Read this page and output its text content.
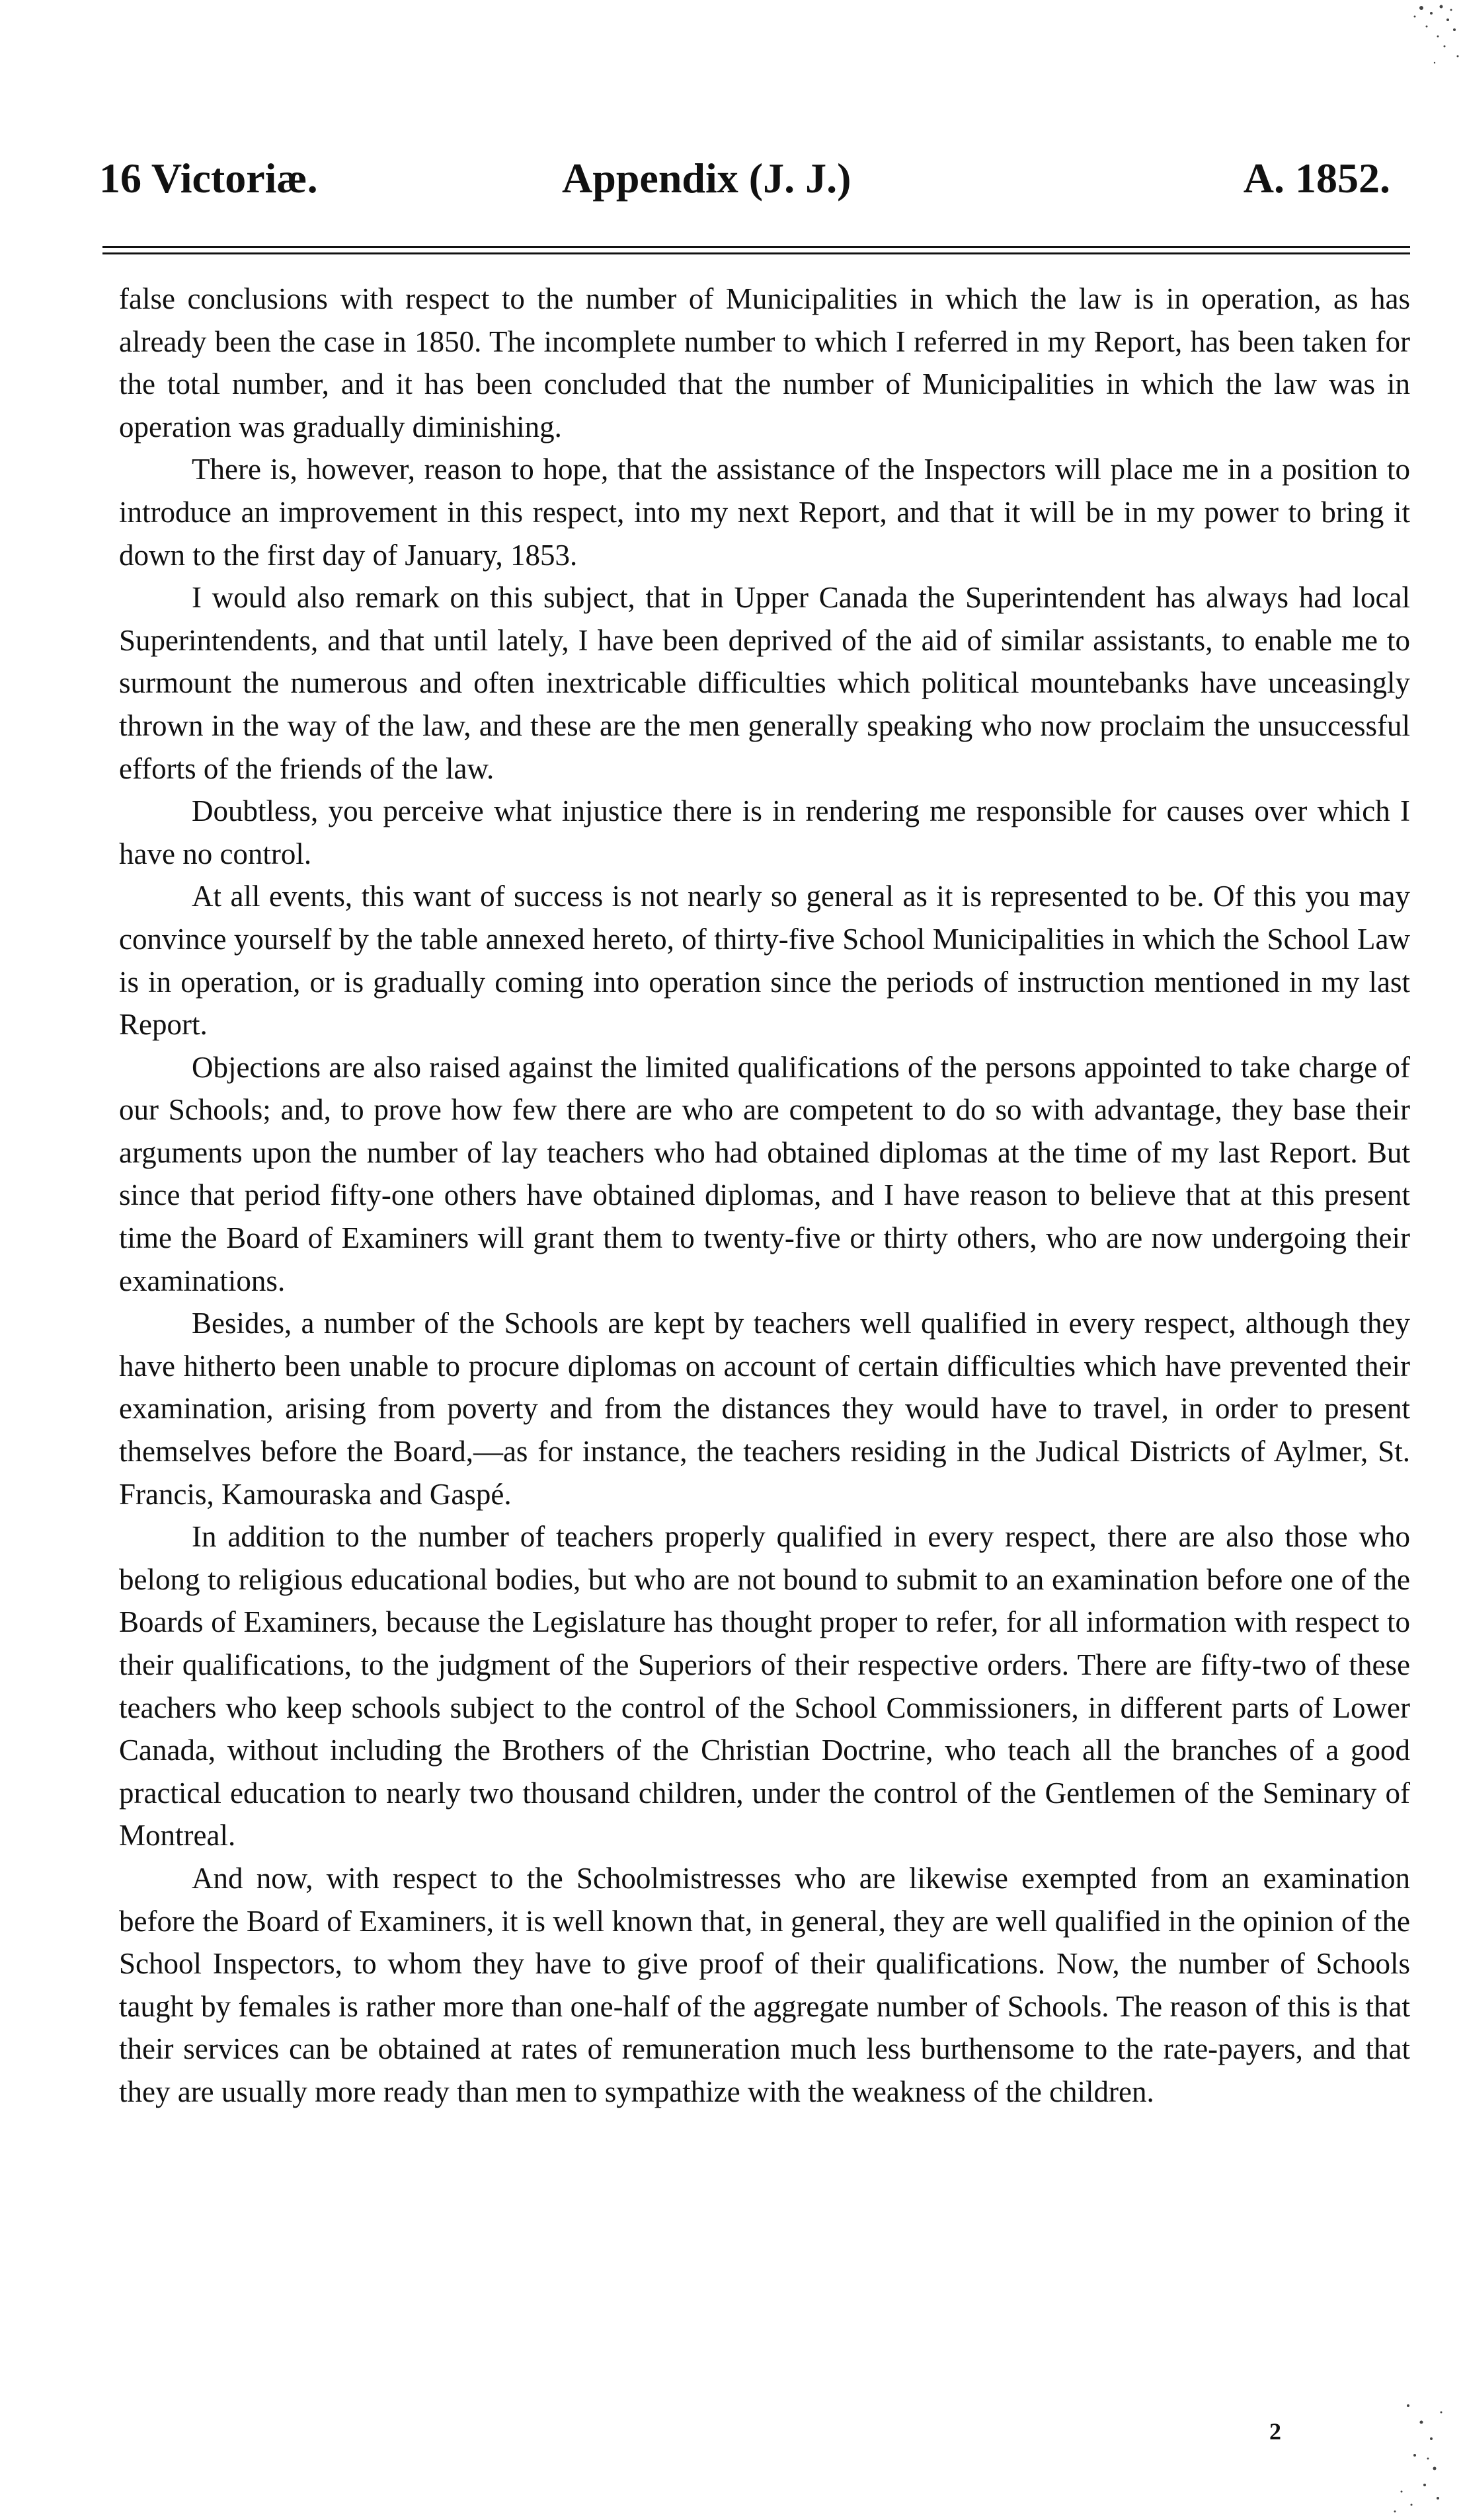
16 Victoriæ.	Appendix (J. J.)	A. 1852.

false conclusions with respect to the number of Municipalities in which the law is in operation, as has already been the case in 1850. The incomplete number to which I referred in my Report, has been taken for the total number, and it has been concluded that the number of Municipalities in which the law was in operation was gradually diminishing.

There is, however, reason to hope, that the assistance of the Inspectors will place me in a position to introduce an improvement in this respect, into my next Report, and that it will be in my power to bring it down to the first day of January, 1853.

I would also remark on this subject, that in Upper Canada the Superintendent has always had local Superintendents, and that until lately, I have been deprived of the aid of similar assistants, to enable me to surmount the numerous and often inextricable difficulties which political mountebanks have unceasingly thrown in the way of the law, and these are the men generally speaking who now proclaim the unsuccessful efforts of the friends of the law.

Doubtless, you perceive what injustice there is in rendering me responsible for causes over which I have no control.

At all events, this want of success is not nearly so general as it is represented to be. Of this you may convince yourself by the table annexed hereto, of thirty-five School Municipalities in which the School Law is in operation, or is gradually coming into operation since the periods of instruction mentioned in my last Report.

Objections are also raised against the limited qualifications of the persons appointed to take charge of our Schools; and, to prove how few there are who are competent to do so with advantage, they base their arguments upon the number of lay teachers who had obtained diplomas at the time of my last Report. But since that period fifty-one others have obtained diplomas, and I have reason to believe that at this present time the Board of Examiners will grant them to twenty-five or thirty others, who are now undergoing their examinations.

Besides, a number of the Schools are kept by teachers well qualified in every respect, although they have hitherto been unable to procure diplomas on account of certain difficulties which have prevented their examination, arising from poverty and from the distances they would have to travel, in order to present themselves before the Board,—as for instance, the teachers residing in the Judical Districts of Aylmer, St. Francis, Kamouraska and Gaspé.

In addition to the number of teachers properly qualified in every respect, there are also those who belong to religious educational bodies, but who are not bound to submit to an examination before one of the Boards of Examiners, because the Legislature has thought proper to refer, for all information with respect to their qualifications, to the judgment of the Superiors of their respective orders. There are fifty-two of these teachers who keep schools subject to the control of the School Commissioners, in different parts of Lower Canada, without including the Brothers of the Christian Doctrine, who teach all the branches of a good practical education to nearly two thousand children, under the control of the Gentlemen of the Seminary of Montreal.

And now, with respect to the Schoolmistresses who are likewise exempted from an examination before the Board of Examiners, it is well known that, in general, they are well qualified in the opinion of the School Inspectors, to whom they have to give proof of their qualifications. Now, the number of Schools taught by females is rather more than one-half of the aggregate number of Schools. The reason of this is that their services can be obtained at rates of remuneration much less burthensome to the rate-payers, and that they are usually more ready than men to sympathize with the weakness of the children.

2
